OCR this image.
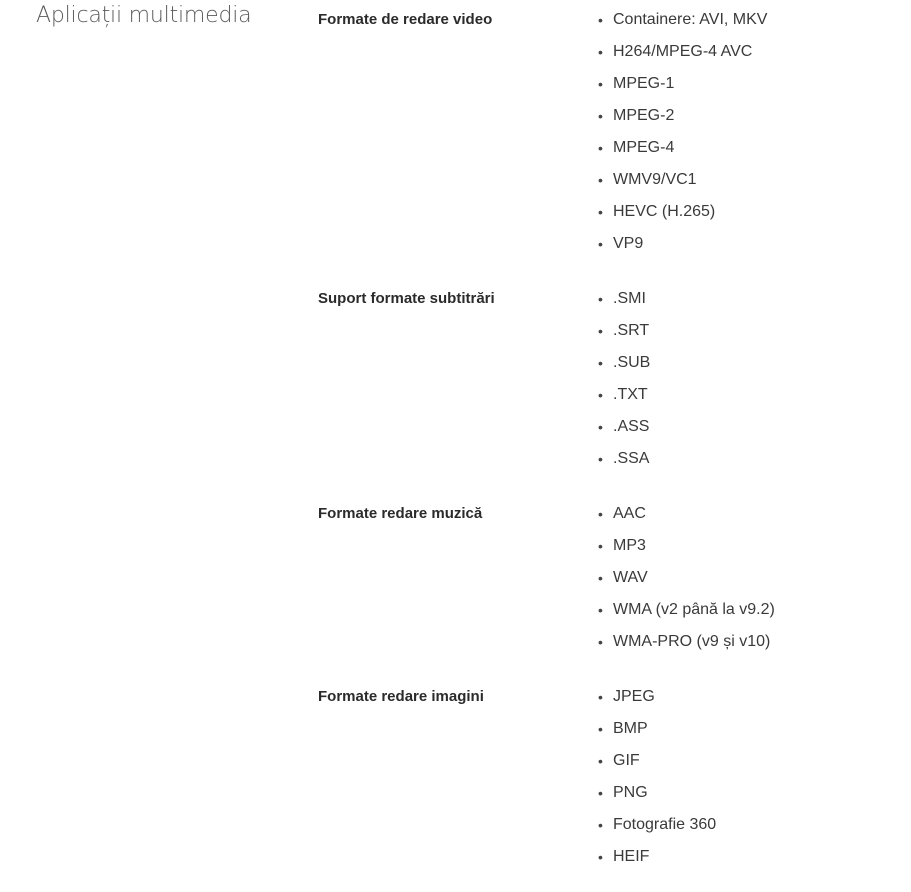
Aplicații multimedia	Formate de redare video	• Containere: AVI, MKV
• H264/MPEG-4 AVC
• MPEG-1
• MPEG-2
• MPEG-4
• WMV9/VC1
• HEVC (H.265)
• VP9
Suport formate subtitrări	• .SMI
• .SRT
• .SUB
• .TXT
• .ASS
• .SSA
Formate redare muzică	• AAC
• MP3
• WAV
• WMA (v2 până la v9.2)
• WMA-PRO (v9 și v10)
Formate redare imagini	• JPEG
• BMP
• GIF
• PNG
• Fotografie 360
• HEIF
